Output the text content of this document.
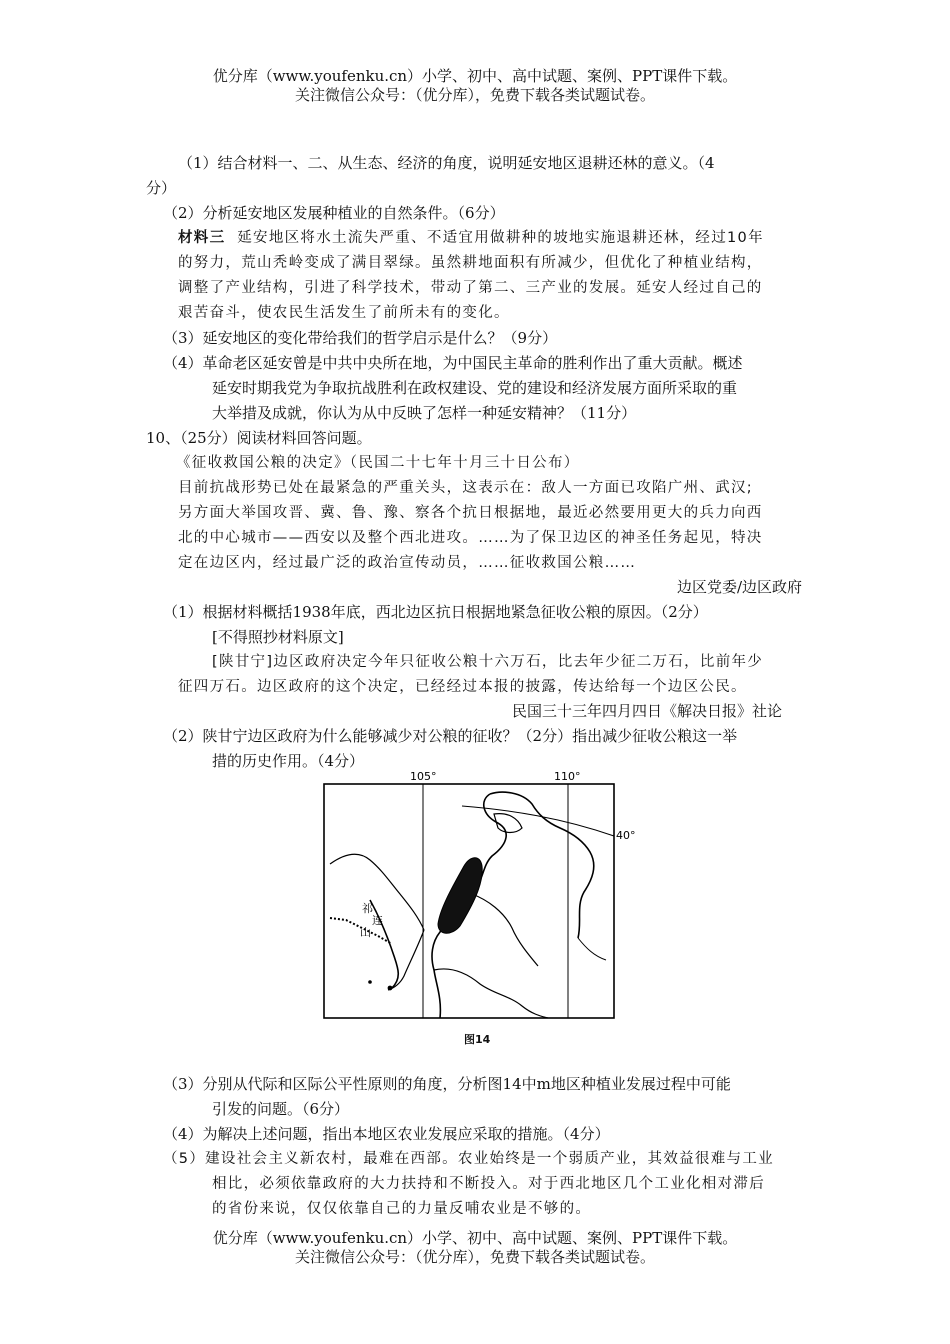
优分库（www.youfenku.cn）小学、初中、高中试题、案例、PPT课件下载。
关注微信公众号：（优分库），免费下载各类试题试卷。
（1）结合材料一、二、从生态、经济的角度，说明延安地区退耕还林的意义。（4
分）
（2）分析延安地区发展种植业的自然条件。（6分）
材料三 延安地区将水土流失严重、不适宜用做耕种的坡地实施退耕还林，经过10年
的努力，荒山秃岭变成了满目翠绿。虽然耕地面积有所减少，但优化了种植业结构，
调整了产业结构，引进了科学技术，带动了第二、三产业的发展。延安人经过自己的
艰苦奋斗，使农民生活发生了前所未有的变化。
（3）延安地区的变化带给我们的哲学启示是什么？（9分）
（4）革命老区延安曾是中共中央所在地，为中国民主革命的胜利作出了重大贡献。概述
延安时期我党为争取抗战胜利在政权建设、党的建设和经济发展方面所采取的重
大举措及成就，你认为从中反映了怎样一种延安精神？（11分）
10、（25分）阅读材料回答问题。
《征收救国公粮的决定》（民国二十七年十月三十日公布）
目前抗战形势已处在最紧急的严重关头，这表示在：敌人一方面已攻陷广州、武汉;
另方面大举国攻晋、冀、鲁、豫、察各个抗日根据地，最近必然要用更大的兵力向西
北的中心城市——西安以及整个西北进攻。……为了保卫边区的神圣任务起见，特决
定在边区内，经过最广泛的政治宣传动员，……征收救国公粮……
边区党委/边区政府
（1）根据材料概括1938年底，西北边区抗日根据地紧急征收公粮的原因。（2分）
[不得照抄材料原文]
[陕甘宁]边区政府决定今年只征收公粮十六万石，比去年少征二万石，比前年少
征四万石。边区政府的这个决定，已经经过本报的披露，传达给每一个边区公民。
民国三十三年四月四日《解决日报》社论
（2）陕甘宁边区政府为什么能够减少对公粮的征收？（2分）指出减少征收公粮这一举
措的历史作用。（4分）
105°	110°
40°
祁
连
山
图14
（3）分别从代际和区际公平性原则的角度，分析图14中m地区种植业发展过程中可能
引发的问题。（6分）
（4）为解决上述问题，指出本地区农业发展应采取的措施。（4分）
（5）建设社会主义新农村，最难在西部。农业始终是一个弱质产业，其效益很难与工业
相比，必须依靠政府的大力扶持和不断投入。对于西北地区几个工业化相对滞后
的省份来说，仅仅依靠自己的力量反哺农业是不够的。
优分库（www.youfenku.cn）小学、初中、高中试题、案例、PPT课件下载。
关注微信公众号：（优分库），免费下载各类试题试卷。
